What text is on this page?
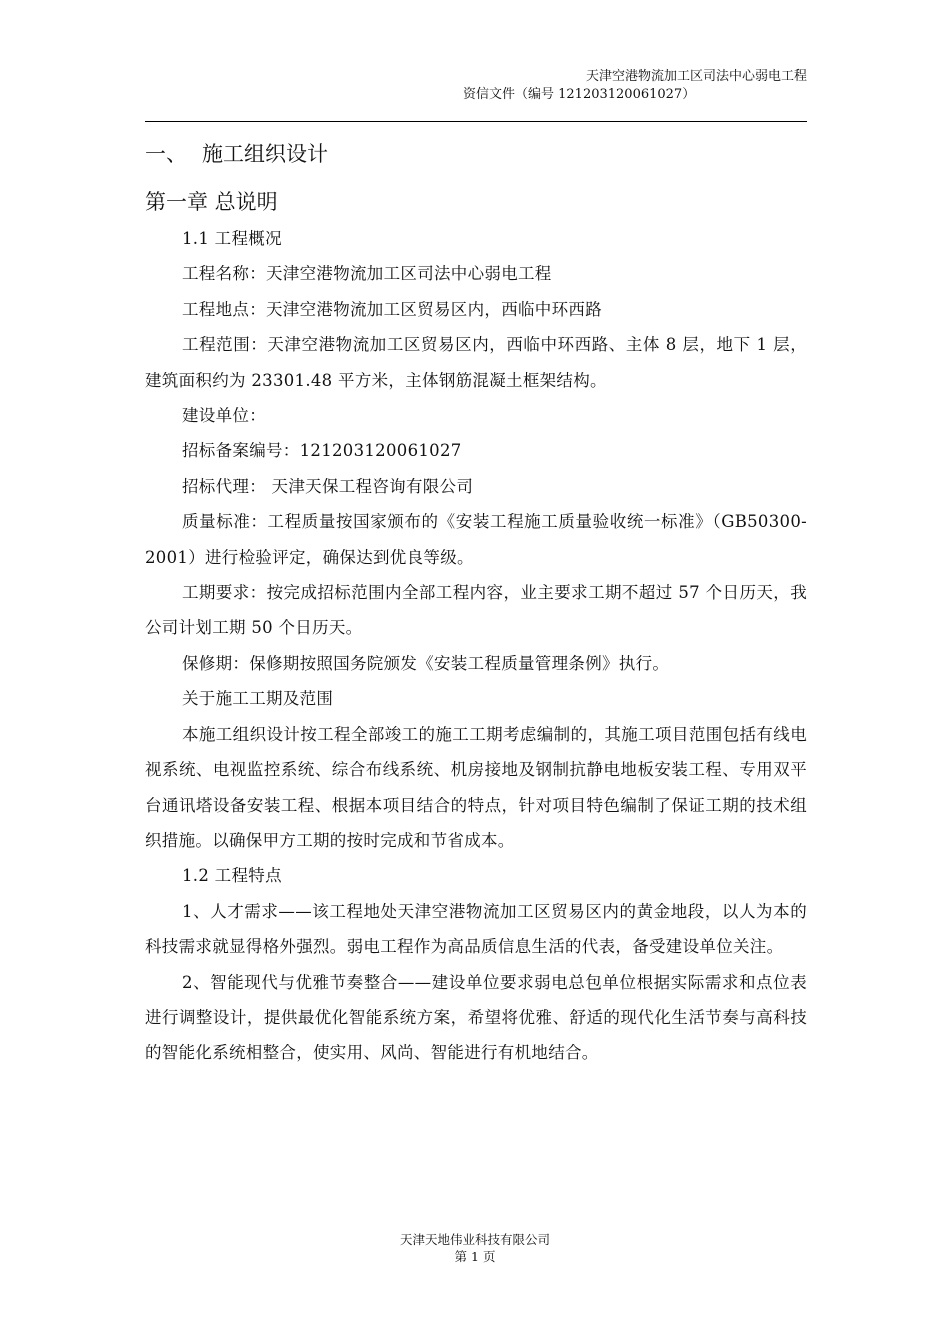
天津空港物流加工区司法中心弱电工程
资信文件（编号 121203120061027）
一、 施工组织设计
第一章 总说明

1.1 工程概况

工程名称：天津空港物流加工区司法中心弱电工程

工程地点：天津空港物流加工区贸易区内，西临中环西路

工程范围：天津空港物流加工区贸易区内，西临中环西路、主体 8 层，地下 1 层，建筑面积约为 23301.48 平方米，主体钢筋混凝土框架结构。

建设单位：

招标备案编号：121203120061027

招标代理： 天津天保工程咨询有限公司

质量标准：工程质量按国家颁布的《安装工程施工质量验收统一标准》（GB50300-2001）进行检验评定，确保达到优良等级。

工期要求：按完成招标范围内全部工程内容，业主要求工期不超过 57 个日历天，我公司计划工期 50 个日历天。

保修期：保修期按照国务院颁发《安装工程质量管理条例》执行。

关于施工工期及范围

本施工组织设计按工程全部竣工的施工工期考虑编制的，其施工项目范围包括有线电视系统、电视监控系统、综合布线系统、机房接地及钢制抗静电地板安装工程、专用双平台通讯塔设备安装工程、根据本项目结合的特点，针对项目特色编制了保证工期的技术组织措施。以确保甲方工期的按时完成和节省成本。

1.2 工程特点

1、人才需求——该工程地处天津空港物流加工区贸易区内的黄金地段，以人为本的科技需求就显得格外强烈。弱电工程作为高品质信息生活的代表，备受建设单位关注。

2、智能现代与优雅节奏整合——建设单位要求弱电总包单位根据实际需求和点位表进行调整设计，提供最优化智能系统方案，希望将优雅、舒适的现代化生活节奏与高科技的智能化系统相整合，使实用、风尚、智能进行有机地结合。

天津天地伟业科技有限公司
第 1 页
